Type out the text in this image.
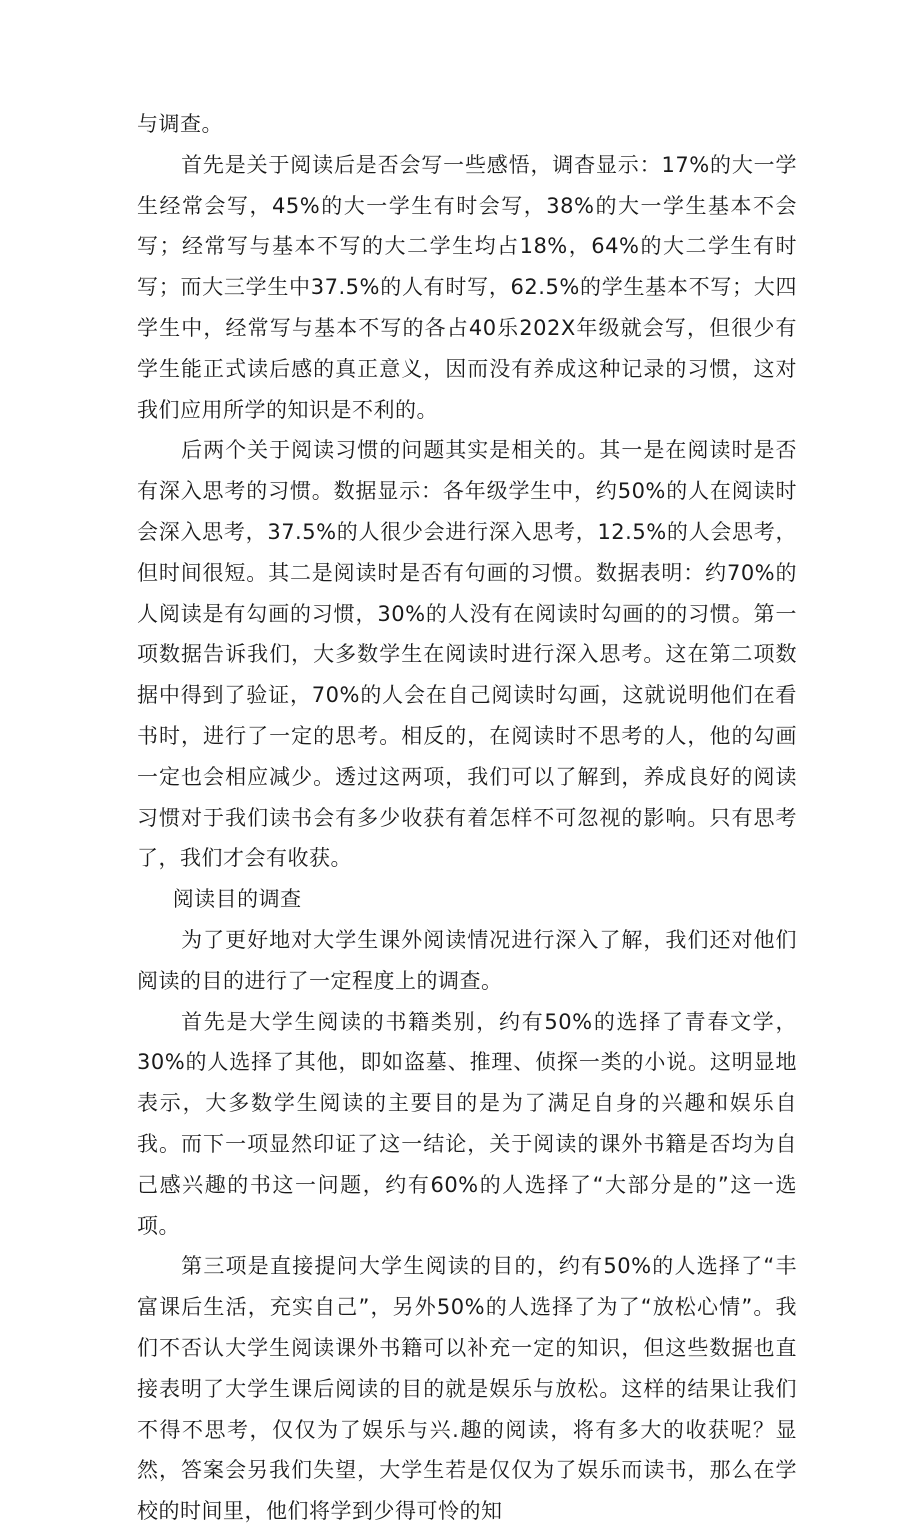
与调查。

首先是关于阅读后是否会写一些感悟，调杳显示：17%的大一学生经常会写，45%的大一学生有时会写，38%的大一学生基本不会写；经常写与基本不写的大二学生均占18%，64%的大二学生有时写；而大三学生中37.5%的人有时写，62.5%的学生基本不写；大四学生中，经常写与基本不写的各占40乐202X年级就会写，但很少有学生能正式读后感的真正意义，因而没有养成这种记录的习惯，这对我们应用所学的知识是不利的。

后两个关于阅读习惯的问题其实是相关的。其一是在阅读时是否有深入思考的习惯。数据显示：各年级学生中，约50%的人在阅读时会深入思考，37.5%的人很少会进行深入思考，12.5%的人会思考，但时间很短。其二是阅读时是否有句画的习惯。数据表明：约70%的人阅读是有勾画的习惯，30%的人没有在阅读时勾画的的习惯。第一项数据告诉我们，大多数学生在阅读时进行深入思考。这在第二项数据中得到了验证，70%的人会在自己阅读时勾画，这就说明他们在看书时，进行了一定的思考。相反的，在阅读时不思考的人，他的勾画一定也会相应减少。透过这两项，我们可以了解到，养成良好的阅读习惯对于我们读书会有多少收获有着怎样不可忽视的影响。只有思考了，我们才会有收获。

阅读目的调查

为了更好地对大学生课外阅读情况进行深入了解，我们还对他们阅读的目的进行了一定程度上的调查。

首先是大学生阅读的书籍类别，约有50%的选择了青春文学，30%的人选择了其他，即如盗墓、推理、侦探一类的小说。这明显地表示，大多数学生阅读的主要目的是为了满足自身的兴趣和娱乐自我。而下一项显然印证了这一结论，关于阅读的课外书籍是否均为自己感兴趣的书这一问题，约有60%的人选择了“大部分是的”这一选项。

第三项是直接提问大学生阅读的目的，约有50%的人选择了“丰富课后生活，充实自己”，另外50%的人选择了为了“放松心情”。我们不否认大学生阅读课外书籍可以补充一定的知识，但这些数据也直接表明了大学生课后阅读的目的就是娱乐与放松。这样的结果让我们不得不思考，仅仅为了娱乐与兴.趣的阅读，将有多大的收获呢？显然，答案会另我们失望，大学生若是仅仅为了娱乐而读书，那么在学校的时间里，他们将学到少得可怜的知
